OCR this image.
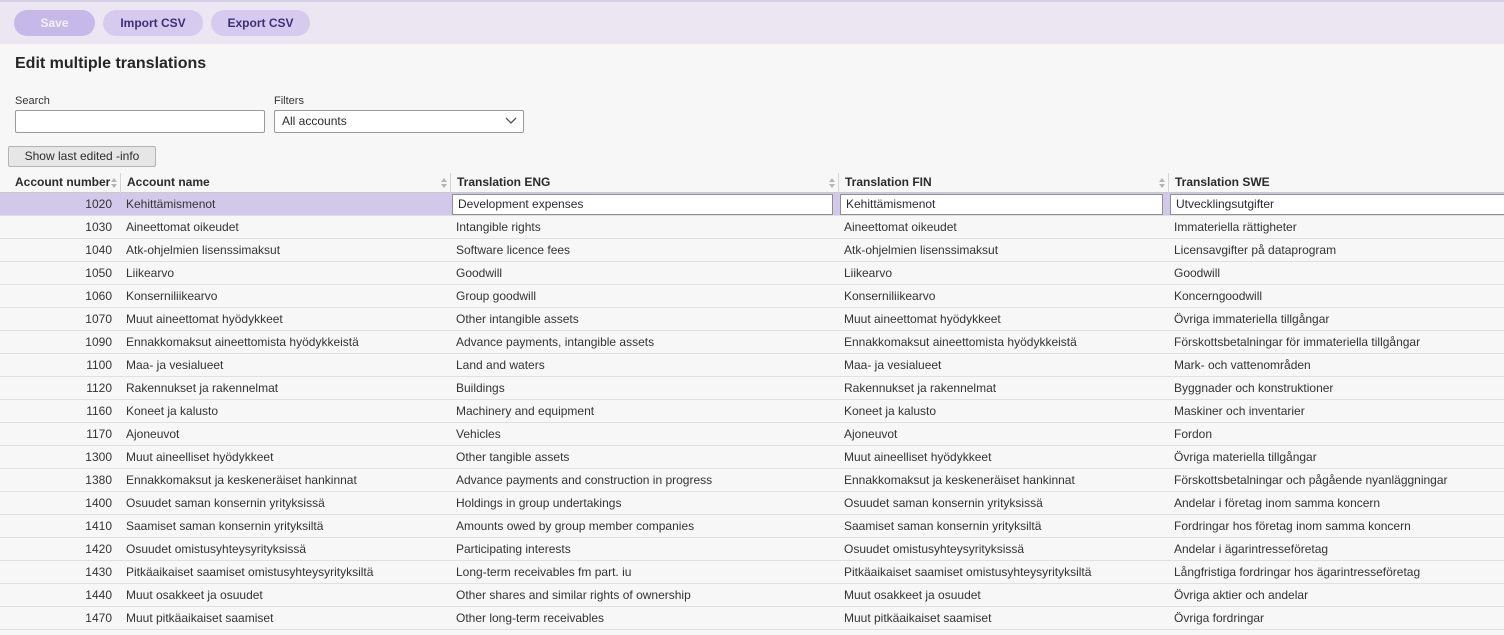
Save	Import CSV	Export CSV
Edit multiple translations
Search	Filters
All accounts
Show last edited -info
Account number	Account name	Translation ENG	Translation FIN	Translation SWE
1020	Kehittämismenot	Development expenses	Kehittämismenot	Utvecklingsutgifter
1030	Aineettomat oikeudet	Intangible rights	Aineettomat oikeudet	Immateriella rättigheter
1040	Atk-ohjelmien lisenssimaksut	Software licence fees	Atk-ohjelmien lisenssimaksut	Licensavgifter på dataprogram
1050	Liikearvo	Goodwill	Liikearvo	Goodwill
1060	Konserniliikearvo	Group goodwill	Konserniliikearvo	Koncerngoodwill
1070	Muut aineettomat hyödykkeet	Other intangible assets	Muut aineettomat hyödykkeet	Övriga immateriella tillgångar
1090	Ennakkomaksut aineettomista hyödykkeistä	Advance payments, intangible assets	Ennakkomaksut aineettomista hyödykkeistä	Förskottsbetalningar för immateriella tillgångar
1100	Maa- ja vesialueet	Land and waters	Maa- ja vesialueet	Mark- och vattenområden
1120	Rakennukset ja rakennelmat	Buildings	Rakennukset ja rakennelmat	Byggnader och konstruktioner
1160	Koneet ja kalusto	Machinery and equipment	Koneet ja kalusto	Maskiner och inventarier
1170	Ajoneuvot	Vehicles	Ajoneuvot	Fordon
1300	Muut aineelliset hyödykkeet	Other tangible assets	Muut aineelliset hyödykkeet	Övriga materiella tillgångar
1380	Ennakkomaksut ja keskeneräiset hankinnat	Advance payments and construction in progress	Ennakkomaksut ja keskeneräiset hankinnat	Förskottsbetalningar och pågående nyanläggningar
1400	Osuudet saman konsernin yrityksissä	Holdings in group undertakings	Osuudet saman konsernin yrityksissä	Andelar i företag inom samma koncern
1410	Saamiset saman konsernin yrityksiltä	Amounts owed by group member companies	Saamiset saman konsernin yrityksiltä	Fordringar hos företag inom samma koncern
1420	Osuudet omistusyhteysyrityksissä	Participating interests	Osuudet omistusyhteysyrityksissä	Andelar i ägarintresseföretag
1430	Pitkäaikaiset saamiset omistusyhteysyrityksiltä	Long-term receivables fm part. iu	Pitkäaikaiset saamiset omistusyhteysyrityksiltä	Långfristiga fordringar hos ägarintresseföretag
1440	Muut osakkeet ja osuudet	Other shares and similar rights of ownership	Muut osakkeet ja osuudet	Övriga aktier och andelar
1470	Muut pitkäaikaiset saamiset	Other long-term receivables	Muut pitkäaikaiset saamiset	Övriga fordringar
